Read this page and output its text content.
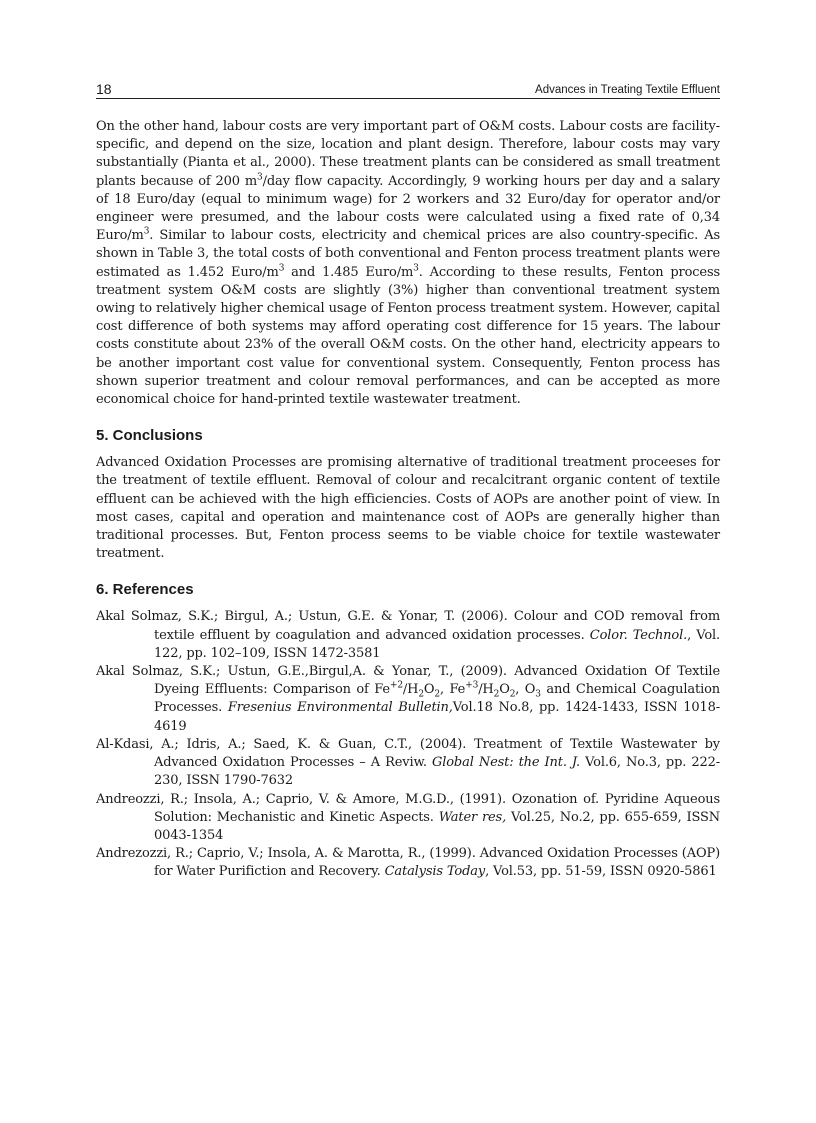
18	Advances in Treating Textile Effluent

On the other hand, labour costs are very important part of O&M costs. Labour costs are facility-specific, and depend on the size, location and plant design. Therefore, labour costs may vary substantially (Pianta et al., 2000). These treatment plants can be considered as small treatment plants because of 200 $m^3$/day flow capacity. Accordingly, 9 working hours per day and a salary of 18 Euro/day (equal to minimum wage) for 2 workers and 32 Euro/day for operator and/or engineer were presumed, and the labour costs were calculated using a fixed rate of 0,34 Euro/$m^3$. Similar to labour costs, electricity and chemical prices are also country-specific. As shown in Table 3, the total costs of both conventional and Fenton process treatment plants were estimated as 1.452 Euro/$m^3$ and 1.485 Euro/$m^3$. According to these results, Fenton process treatment system O&M costs are slightly (3%) higher than conventional treatment system owing to relatively higher chemical usage of Fenton process treatment system. However, capital cost difference of both systems may afford operating cost difference for 15 years. The labour costs constitute about 23% of the overall O&M costs. On the other hand, electricity appears to be another important cost value for conventional system. Consequently, Fenton process has shown superior treatment and colour removal performances, and can be accepted as more economical choice for hand-printed textile wastewater treatment.

5. Conclusions

Advanced Oxidation Processes are promising alternative of traditional treatment proceeses for the treatment of textile effluent. Removal of colour and recalcitrant organic content of textile effluent can be achieved with the high efficiencies. Costs of AOPs are another point of view. In most cases, capital and operation and maintenance cost of AOPs are generally higher than traditional processes. But, Fenton process seems to be viable choice for textile wastewater treatment.

6. References

Akal Solmaz, S.K.; Birgul, A.; Ustun, G.E. & Yonar, T. (2006). Colour and COD removal from textile effluent by coagulation and advanced oxidation processes. Color. Technol., Vol. 122, pp. 102–109, ISSN 1472-3581

Akal Solmaz, S.K.; Ustun, G.E.,Birgul,A. & Yonar, T., (2009). Advanced Oxidation Of Textile Dyeing Effluents: Comparison of $Fe^{+2}/H_2O_2$, $Fe^{+3}/H_2O_2$, $O_3$ and Chemical Coagulation Processes. Fresenius Environmental Bulletin,Vol.18 No.8, pp. 1424-1433, ISSN 1018-4619

Al-Kdasi, A.; Idris, A.; Saed, K. & Guan, C.T., (2004). Treatment of Textile Wastewater by Advanced Oxidatıon Processes – A Reviw. Global Nest: the Int. J. Vol.6, No.3, pp. 222-230, ISSN 1790-7632

Andreozzi, R.; Insola, A.; Caprio, V. & Amore, M.G.D., (1991). Ozonation of. Pyridine Aqueous Solution: Mechanistic and Kinetic Aspects. Water res, Vol.25, No.2, pp. 655-659, ISSN 0043-1354

Andrezozzi, R.; Caprio, V.; Insola, A. & Marotta, R., (1999). Advanced Oxidation Processes (AOP) for Water Purifiction and Recovery. Catalysis Today, Vol.53, pp. 51-59, ISSN 0920-5861
